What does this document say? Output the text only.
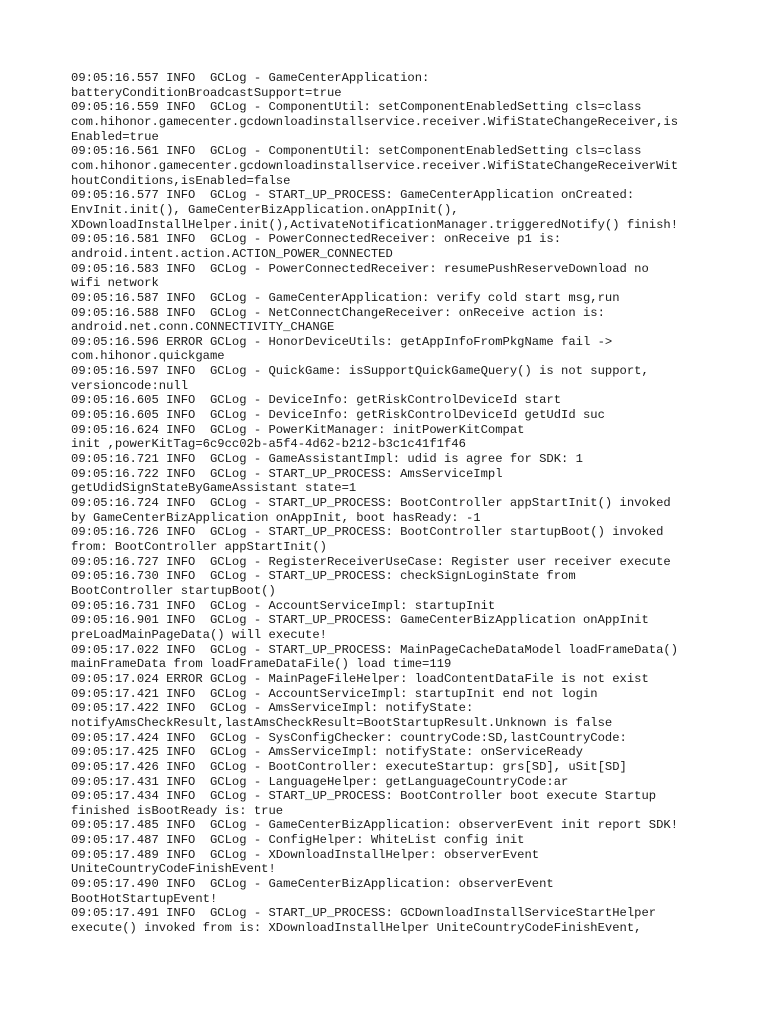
09:05:16.557 INFO  GCLog - GameCenterApplication:
batteryConditionBroadcastSupport=true
09:05:16.559 INFO  GCLog - ComponentUtil: setComponentEnabledSetting cls=class
com.hihonor.gamecenter.gcdownloadinstallservice.receiver.WifiStateChangeReceiver,is
Enabled=true
09:05:16.561 INFO  GCLog - ComponentUtil: setComponentEnabledSetting cls=class
com.hihonor.gamecenter.gcdownloadinstallservice.receiver.WifiStateChangeReceiverWit
houtConditions,isEnabled=false
09:05:16.577 INFO  GCLog - START_UP_PROCESS: GameCenterApplication onCreated:
EnvInit.init(), GameCenterBizApplication.onAppInit(),
XDownloadInstallHelper.init(),ActivateNotificationManager.triggeredNotify() finish!
09:05:16.581 INFO  GCLog - PowerConnectedReceiver: onReceive p1 is:
android.intent.action.ACTION_POWER_CONNECTED
09:05:16.583 INFO  GCLog - PowerConnectedReceiver: resumePushReserveDownload no
wifi network
09:05:16.587 INFO  GCLog - GameCenterApplication: verify cold start msg,run
09:05:16.588 INFO  GCLog - NetConnectChangeReceiver: onReceive action is:
android.net.conn.CONNECTIVITY_CHANGE
09:05:16.596 ERROR GCLog - HonorDeviceUtils: getAppInfoFromPkgName fail ->
com.hihonor.quickgame
09:05:16.597 INFO  GCLog - QuickGame: isSupportQuickGameQuery() is not support,
versioncode:null
09:05:16.605 INFO  GCLog - DeviceInfo: getRiskControlDeviceId start
09:05:16.605 INFO  GCLog - DeviceInfo: getRiskControlDeviceId getUdId suc
09:05:16.624 INFO  GCLog - PowerKitManager: initPowerKitCompat
init ,powerKitTag=6c9cc02b-a5f4-4d62-b212-b3c1c41f1f46
09:05:16.721 INFO  GCLog - GameAssistantImpl: udid is agree for SDK: 1
09:05:16.722 INFO  GCLog - START_UP_PROCESS: AmsServiceImpl
getUdidSignStateByGameAssistant state=1
09:05:16.724 INFO  GCLog - START_UP_PROCESS: BootController appStartInit() invoked
by GameCenterBizApplication onAppInit, boot hasReady: -1
09:05:16.726 INFO  GCLog - START_UP_PROCESS: BootController startupBoot() invoked
from: BootController appStartInit()
09:05:16.727 INFO  GCLog - RegisterReceiverUseCase: Register user receiver execute
09:05:16.730 INFO  GCLog - START_UP_PROCESS: checkSignLoginState from
BootController startupBoot()
09:05:16.731 INFO  GCLog - AccountServiceImpl: startupInit
09:05:16.901 INFO  GCLog - START_UP_PROCESS: GameCenterBizApplication onAppInit
preLoadMainPageData() will execute!
09:05:17.022 INFO  GCLog - START_UP_PROCESS: MainPageCacheDataModel loadFrameData()
mainFrameData from loadFrameDataFile() load time=119
09:05:17.024 ERROR GCLog - MainPageFileHelper: loadContentDataFile is not exist
09:05:17.421 INFO  GCLog - AccountServiceImpl: startupInit end not login
09:05:17.422 INFO  GCLog - AmsServiceImpl: notifyState:
notifyAmsCheckResult,lastAmsCheckResult=BootStartupResult.Unknown is false
09:05:17.424 INFO  GCLog - SysConfigChecker: countryCode:SD,lastCountryCode:
09:05:17.425 INFO  GCLog - AmsServiceImpl: notifyState: onServiceReady
09:05:17.426 INFO  GCLog - BootController: executeStartup: grs[SD], uSit[SD]
09:05:17.431 INFO  GCLog - LanguageHelper: getLanguageCountryCode:ar
09:05:17.434 INFO  GCLog - START_UP_PROCESS: BootController boot execute Startup
finished isBootReady is: true
09:05:17.485 INFO  GCLog - GameCenterBizApplication: observerEvent init report SDK!
09:05:17.487 INFO  GCLog - ConfigHelper: WhiteList config init
09:05:17.489 INFO  GCLog - XDownloadInstallHelper: observerEvent
UniteCountryCodeFinishEvent!
09:05:17.490 INFO  GCLog - GameCenterBizApplication: observerEvent
BootHotStartupEvent!
09:05:17.491 INFO  GCLog - START_UP_PROCESS: GCDownloadInstallServiceStartHelper
execute() invoked from is: XDownloadInstallHelper UniteCountryCodeFinishEvent,
